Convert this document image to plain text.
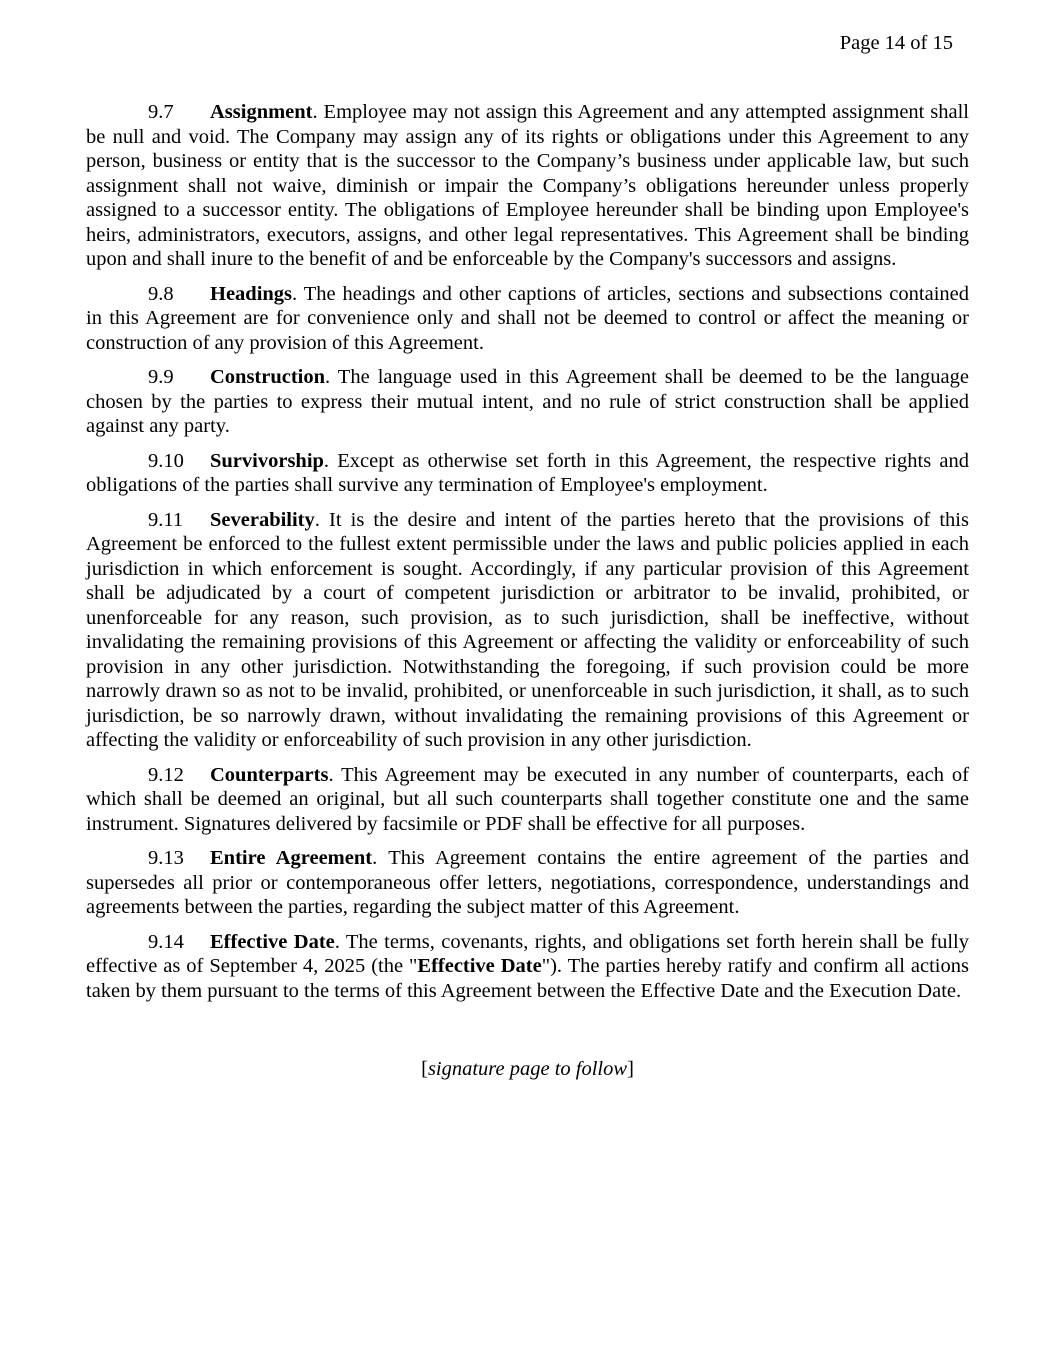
Page 14 of 15

9.7 Assignment. Employee may not assign this Agreement and any attempted assignment shall be null and void. The Company may assign any of its rights or obligations under this Agreement to any person, business or entity that is the successor to the Company’s business under applicable law, but such assignment shall not waive, diminish or impair the Company’s obligations hereunder unless properly assigned to a successor entity. The obligations of Employee hereunder shall be binding upon Employee's heirs, administrators, executors, assigns, and other legal representatives. This Agreement shall be binding upon and shall inure to the benefit of and be enforceable by the Company's successors and assigns.

9.8 Headings. The headings and other captions of articles, sections and subsections contained in this Agreement are for convenience only and shall not be deemed to control or affect the meaning or construction of any provision of this Agreement.

9.9 Construction. The language used in this Agreement shall be deemed to be the language chosen by the parties to express their mutual intent, and no rule of strict construction shall be applied against any party.

9.10 Survivorship. Except as otherwise set forth in this Agreement, the respective rights and obligations of the parties shall survive any termination of Employee's employment.

9.11 Severability. It is the desire and intent of the parties hereto that the provisions of this Agreement be enforced to the fullest extent permissible under the laws and public policies applied in each jurisdiction in which enforcement is sought. Accordingly, if any particular provision of this Agreement shall be adjudicated by a court of competent jurisdiction or arbitrator to be invalid, prohibited, or unenforceable for any reason, such provision, as to such jurisdiction, shall be ineffective, without invalidating the remaining provisions of this Agreement or affecting the validity or enforceability of such provision in any other jurisdiction. Notwithstanding the foregoing, if such provision could be more narrowly drawn so as not to be invalid, prohibited, or unenforceable in such jurisdiction, it shall, as to such jurisdiction, be so narrowly drawn, without invalidating the remaining provisions of this Agreement or affecting the validity or enforceability of such provision in any other jurisdiction.

9.12 Counterparts. This Agreement may be executed in any number of counterparts, each of which shall be deemed an original, but all such counterparts shall together constitute one and the same instrument. Signatures delivered by facsimile or PDF shall be effective for all purposes.

9.13 Entire Agreement. This Agreement contains the entire agreement of the parties and supersedes all prior or contemporaneous offer letters, negotiations, correspondence, understandings and agreements between the parties, regarding the subject matter of this Agreement.

9.14 Effective Date. The terms, covenants, rights, and obligations set forth herein shall be fully effective as of September 4, 2025 (the "Effective Date"). The parties hereby ratify and confirm all actions taken by them pursuant to the terms of this Agreement between the Effective Date and the Execution Date.

[signature page to follow]
